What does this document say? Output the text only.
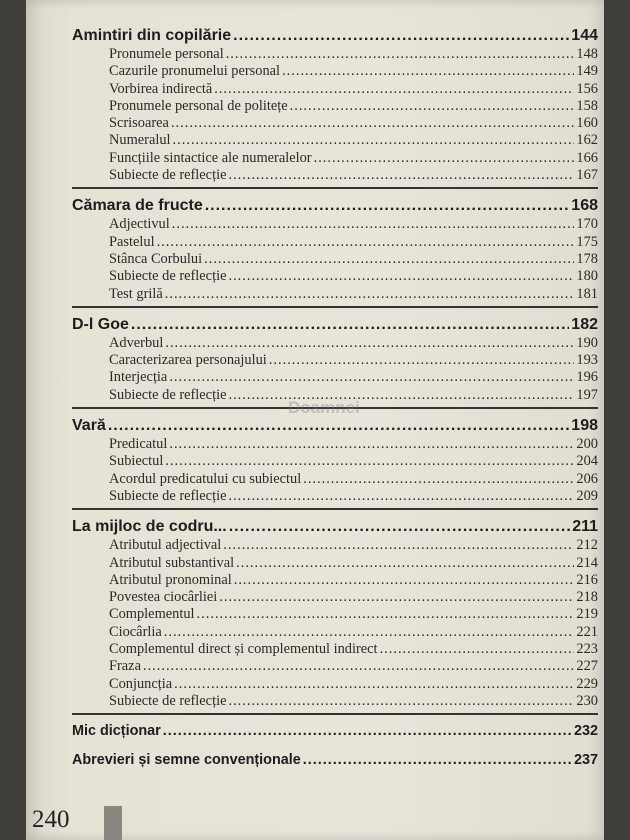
Amintiri din copilărie .....	144
Pronumele personal .....	148
Cazurile pronumelui personal .....	149
Vorbirea indirectă .....	156
Pronumele personal de politețe .....	158
Scrisoarea .....	160
Numeralul .....	162
Funcțiile sintactice ale numeralelor .....	166
Subiecte de reflecție .....	167
Cămara de fructe .....	168
Adjectivul .....	170
Pastelul .....	175
Stânca Corbului .....	178
Subiecte de reflecție .....	180
Test grilă .....	181
D-l Goe .....	182
Adverbul .....	190
Caracterizarea personajului .....	193
Interjecția .....	196
Subiecte de reflecție .....	197
Vară .....	198
Predicatul .....	200
Subiectul .....	204
Acordul predicatului cu subiectul .....	206
Subiecte de reflecție .....	209
La mijloc de codru... .....	211
Atributul adjectival .....	212
Atributul substantival .....	214
Atributul pronominal .....	216
Povestea ciocârliei .....	218
Complementul .....	219
Ciocârlia .....	221
Complementul direct și complementul indirect .....	223
Fraza .....	227
Conjuncția .....	229
Subiecte de reflecție .....	230
Mic dicționar .....	232
Abrevieri și semne convenționale .....	237
Doamnei
240
